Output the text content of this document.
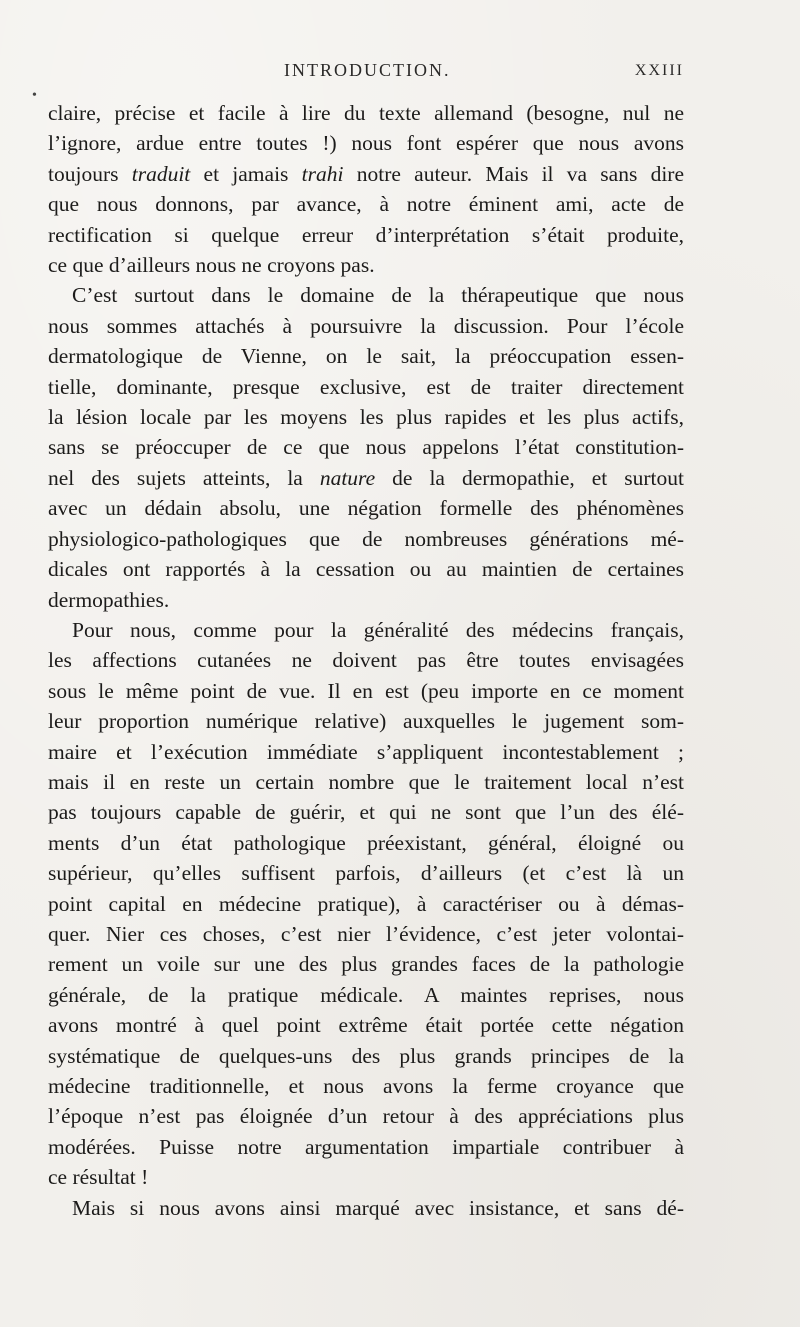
INTRODUCTION.	XXIII
•
claire, précise et facile à lire du texte allemand (besogne, nul ne
l’ignore, ardue entre toutes !) nous font espérer que nous avons
toujours traduit et jamais trahi notre auteur. Mais il va sans dire
que nous donnons, par avance, à notre éminent ami, acte de
rectification si quelque erreur d’interprétation s’était produite,
ce que d’ailleurs nous ne croyons pas.
C’est surtout dans le domaine de la thérapeutique que nous
nous sommes attachés à poursuivre la discussion. Pour l’école
dermatologique de Vienne, on le sait, la préoccupation essen-
tielle, dominante, presque exclusive, est de traiter directement
la lésion locale par les moyens les plus rapides et les plus actifs,
sans se préoccuper de ce que nous appelons l’état constitution-
nel des sujets atteints, la nature de la dermopathie, et surtout
avec un dédain absolu, une négation formelle des phénomènes
physiologico-pathologiques que de nombreuses générations mé-
dicales ont rapportés à la cessation ou au maintien de certaines
dermopathies.
Pour nous, comme pour la généralité des médecins français,
les affections cutanées ne doivent pas être toutes envisagées
sous le même point de vue. Il en est (peu importe en ce moment
leur proportion numérique relative) auxquelles le jugement som-
maire et l’exécution immédiate s’appliquent incontestablement ;
mais il en reste un certain nombre que le traitement local n’est
pas toujours capable de guérir, et qui ne sont que l’un des élé-
ments d’un état pathologique préexistant, général, éloigné ou
supérieur, qu’elles suffisent parfois, d’ailleurs (et c’est là un
point capital en médecine pratique), à caractériser ou à démas-
quer. Nier ces choses, c’est nier l’évidence, c’est jeter volontai-
rement un voile sur une des plus grandes faces de la pathologie
générale, de la pratique médicale. A maintes reprises, nous
avons montré à quel point extrême était portée cette négation
systématique de quelques-uns des plus grands principes de la
médecine traditionnelle, et nous avons la ferme croyance que
l’époque n’est pas éloignée d’un retour à des appréciations plus
modérées. Puisse notre argumentation impartiale contribuer à
ce résultat !
Mais si nous avons ainsi marqué avec insistance, et sans dé-
